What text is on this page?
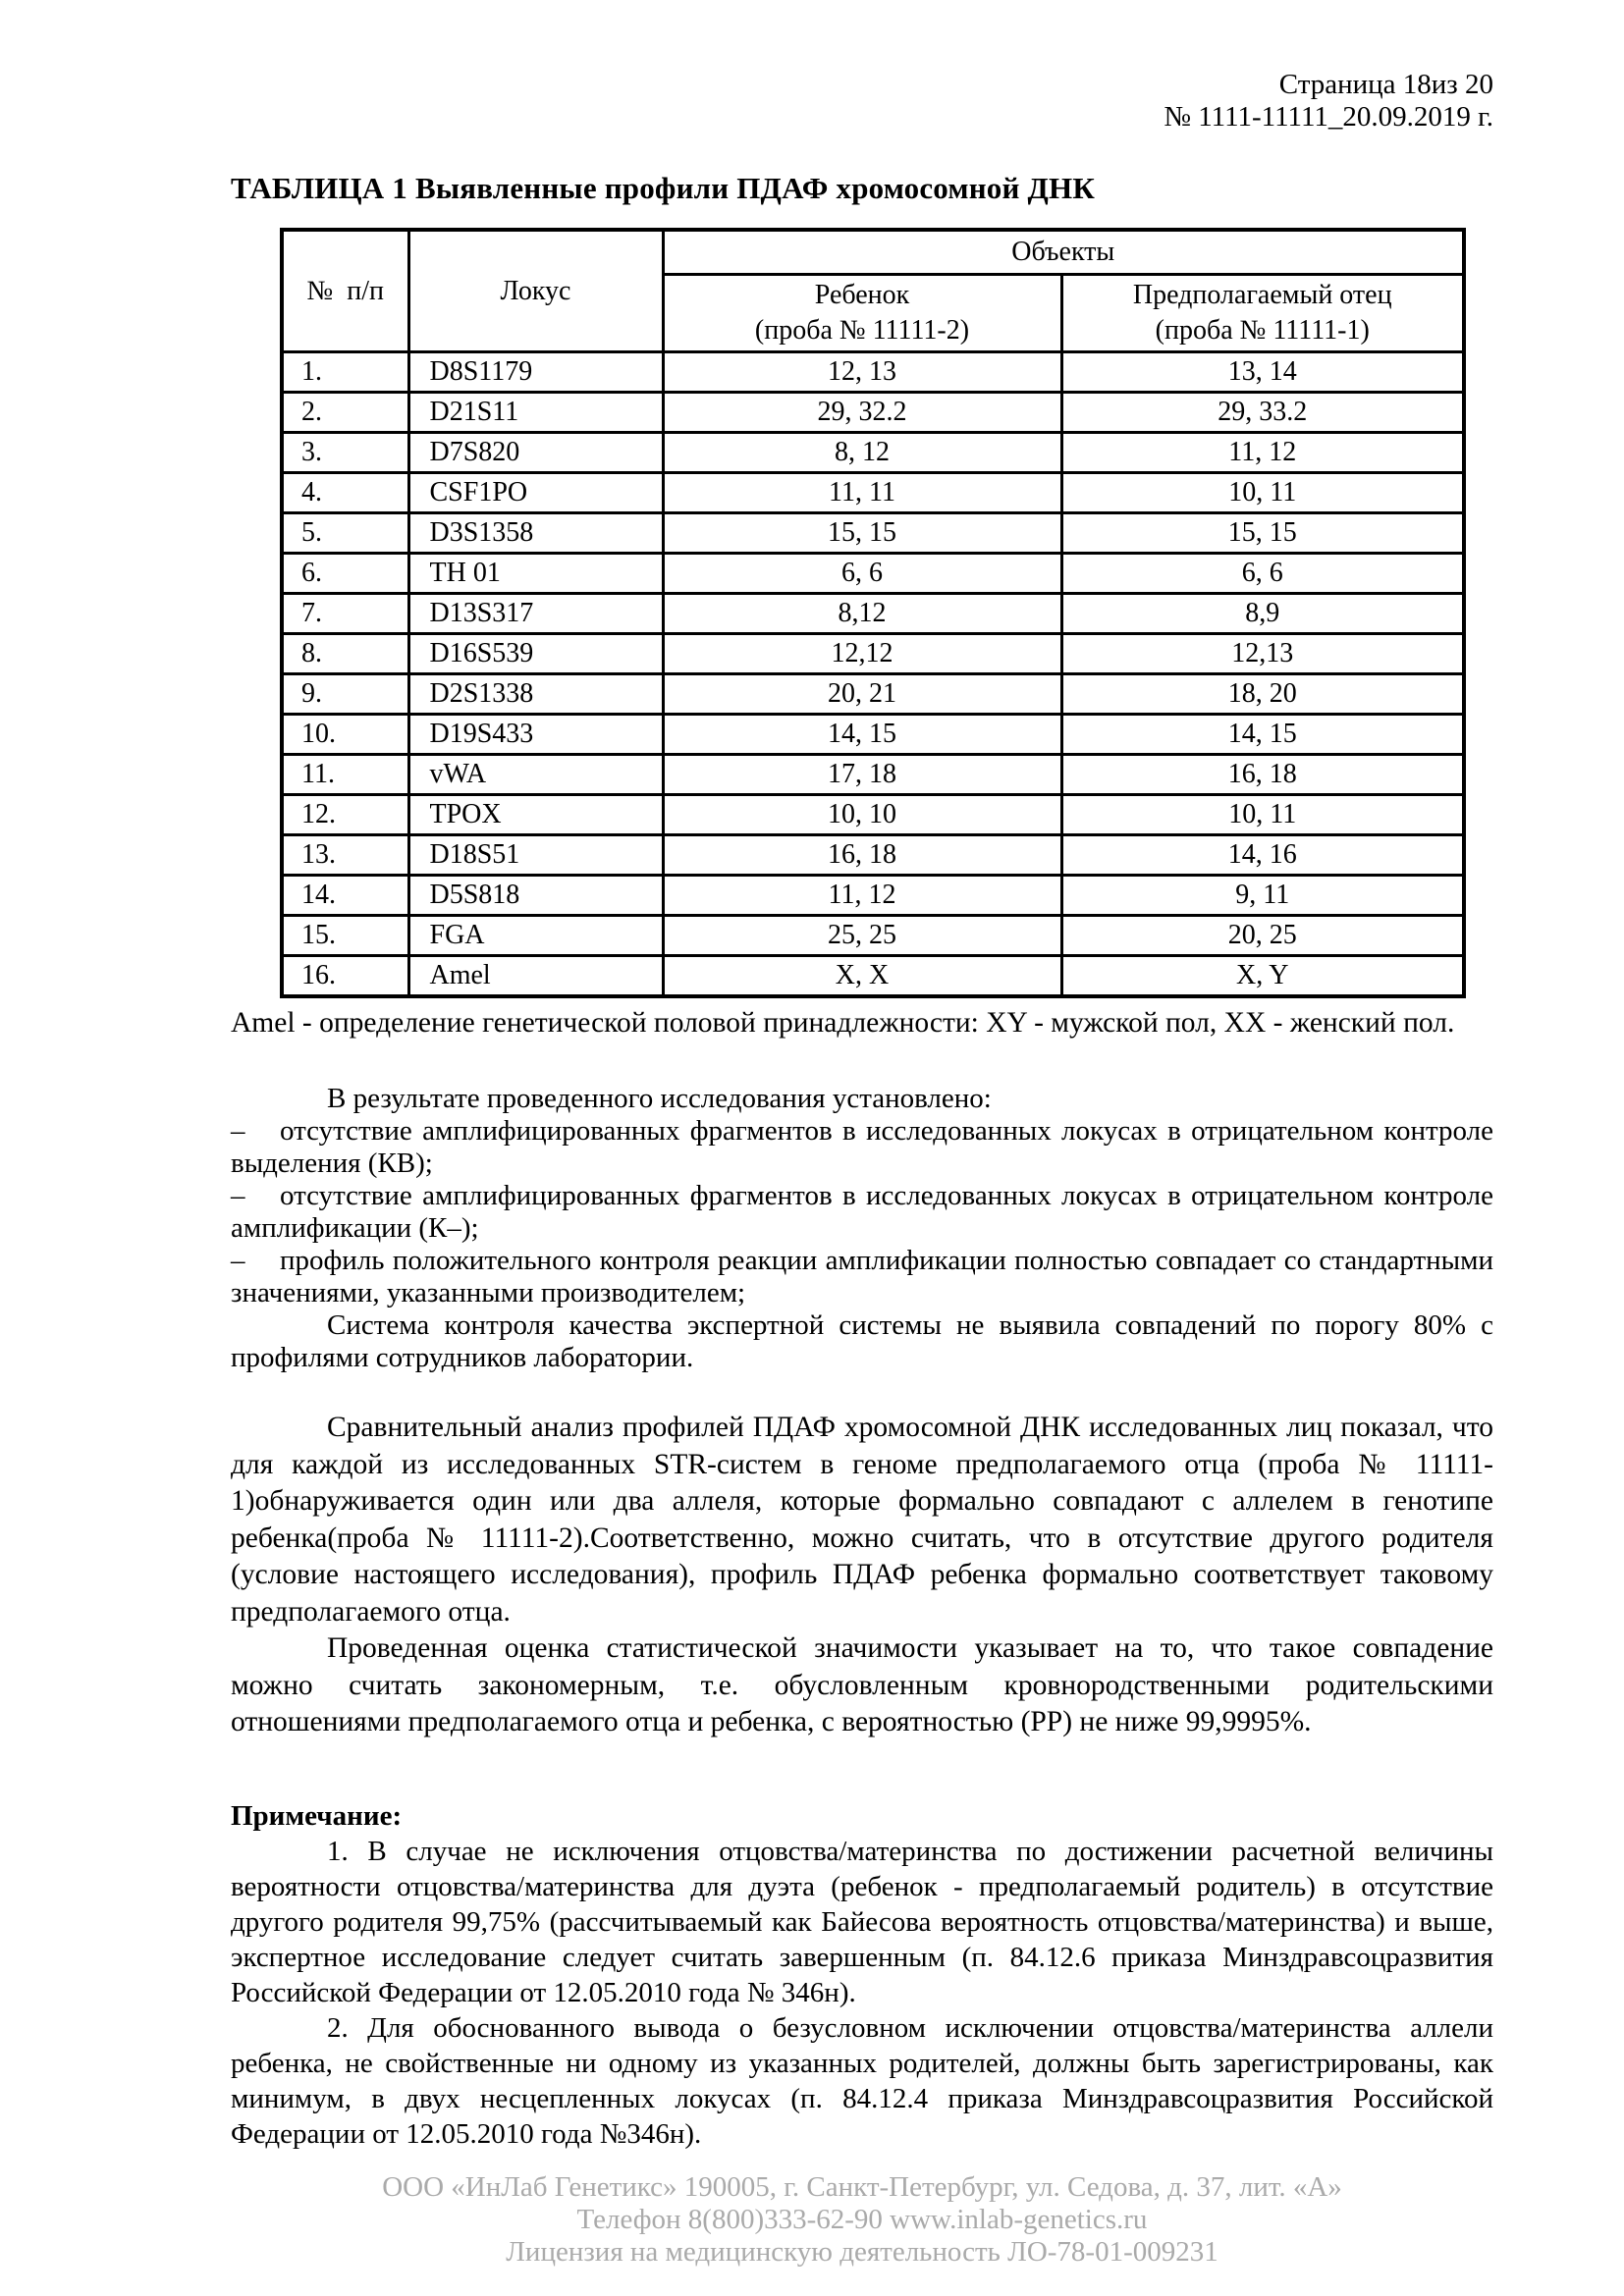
Страница 18из 20
№ 1111-11111_20.09.2019 г.
ТАБЛИЦА 1 Выявленные профили ПДАФ хромосомной ДНК
№  п/п	Локус	Объекты	

Ребенок
(проба № 11111-2)

Предполагаемый отец
(проба № 11111-1)

1.	D8S1179	12, 13	13, 14
2.	D21S11	29, 32.2	29, 33.2
3.	D7S820	8, 12	11, 12
4.	CSF1PO	11, 11	10, 11
5.	D3S1358	15, 15	15, 15
6.	TH 01	6, 6	6, 6
7.	D13S317	8,12	8,9
8.	D16S539	12,12	12,13
9.	D2S1338	20, 21	18, 20
10.	D19S433	14, 15	14, 15
11.	vWA	17, 18	16, 18
12.	TPOX	10, 10	10, 11
13.	D18S51	16, 18	14, 16
14.	D5S818	11, 12	9, 11
15.	FGA	25, 25	20, 25
16.	Amel	X, X	X, Y
Amel - определение генетической половой принадлежности: XY - мужской пол, XX - женский пол.

В результате проведенного исследования установлено:

– отсутствие амплифицированных фрагментов в исследованных локусах в отрицательном контроле выделения (КВ);

– отсутствие амплифицированных фрагментов в исследованных локусах в отрицательном контроле амплификации (К–);

– профиль положительного контроля реакции амплификации полностью совпадает со стандартными значениями, указанными производителем;

Система контроля качества экспертной системы не выявила совпадений по порогу 80% с профилями сотрудников лаборатории.

Сравнительный анализ профилей ПДАФ хромосомной ДНК исследованных лиц показал, что для каждой из исследованных STR-систем в геноме предполагаемого отца (проба № 11111-1)обнаруживается один или два аллеля, которые формально совпадают с аллелем в генотипе ребенка(проба № 11111-2).Соответственно, можно считать, что в отсутствие другого родителя (условие настоящего исследования), профиль ПДАФ ребенка формально соответствует таковому предполагаемого отца.

Проведенная оценка статистической значимости указывает на то, что такое совпадение можно считать закономерным, т.е. обусловленным кровнородственными родительскими отношениями предполагаемого отца и ребенка, с вероятностью (РР) не ниже 99,9995%.

Примечание:

1. В случае не исключения отцовства/материнства по достижении расчетной величины вероятности отцовства/материнства для дуэта (ребенок - предполагаемый родитель) в отсутствие другого родителя 99,75% (рассчитываемый как Байесова вероятность отцовства/материнства) и выше, экспертное исследование следует считать завершенным (п. 84.12.6 приказа Минздравсоцразвития Российской Федерации от 12.05.2010 года № 346н).

2. Для обоснованного вывода о безусловном исключении отцовства/материнства аллели ребенка, не свойственные ни одному из указанных родителей, должны быть зарегистрированы, как минимум, в двух несцепленных локусах (п. 84.12.4 приказа Минздравсоцразвития Российской Федерации от 12.05.2010 года №346н).

ООО «ИнЛаб Генетикс» 190005, г. Санкт-Петербург, ул. Седова, д. 37, лит. «А»
Телефон 8(800)333-62-90 www.inlab-genetics.ru
Лицензия на медицинскую деятельность ЛО-78-01-009231
